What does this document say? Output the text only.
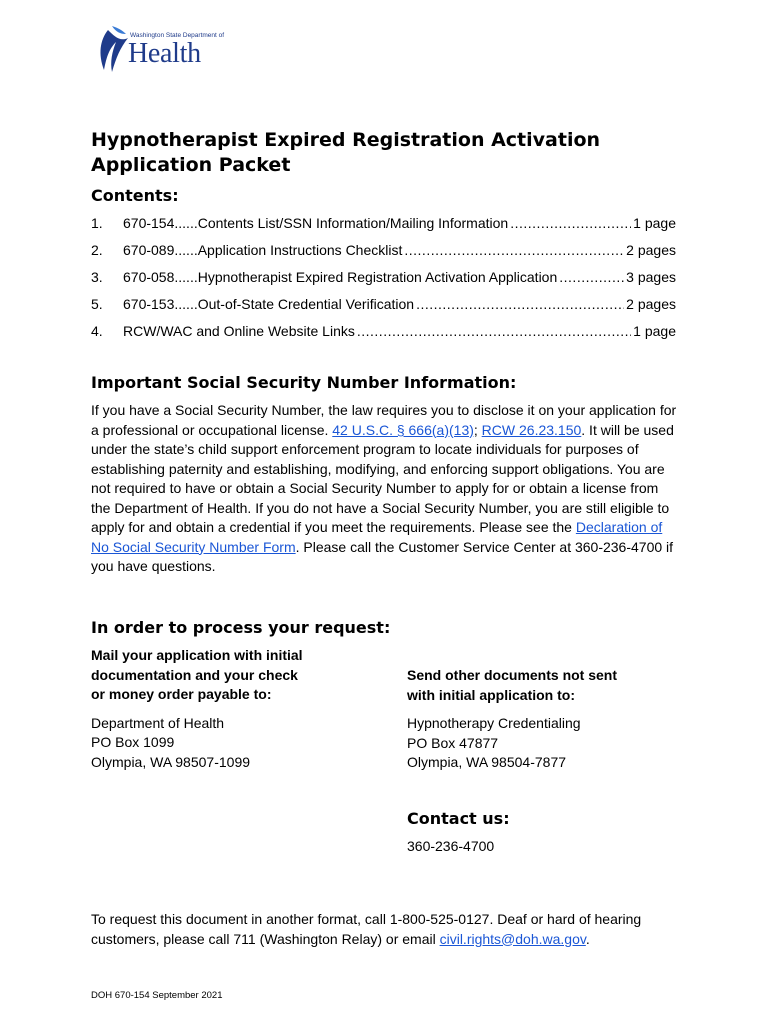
Washington State Department of
Health
Hypnotherapist Expired Registration Activation
Application Packet
Contents:
1.	670-154...... Contents List/SSN Information/Mailing Information .....	1 page
2.	670-089...... Application Instructions Checklist .....	2 pages
3.	670-058...... Hypnotherapist Expired Registration Activation Application .....	3 pages
5.	670-153...... Out-of-State Credential Verification .....	2 pages
4.	RCW/WAC and Online Website Links .....	1 page
Important Social Security Number Information:

If you have a Social Security Number, the law requires you to disclose it on your application for a professional or occupational license. 42 U.S.C. § 666(a)(13); RCW 26.23.150. It will be used under the state’s child support enforcement program to locate individuals for purposes of establishing paternity and establishing, modifying, and enforcing support obligations. You are not required to have or obtain a Social Security Number to apply for or obtain a license from the Department of Health. If you do not have a Social Security Number, you are still eligible to apply for and obtain a credential if you meet the requirements. Please see the Declaration of No Social Security Number Form. Please call the Customer Service Center at 360-236-4700 if you have questions.

In order to process your request:

Mail your application with initial

documentation and your check

or money order payable to:

Department of Health

PO Box 1099

Olympia, WA 98507-1099

Send other documents not sent

with initial application to:

Hypnotherapy Credentialing

PO Box 47877

Olympia, WA 98504-7877

Contact us:
360-236-4700

To request this document in another format, call 1-800-525-0127. Deaf or hard of hearing customers, please call 711 (Washington Relay) or email civil.rights@doh.wa.gov.

DOH 670-154 September 2021
